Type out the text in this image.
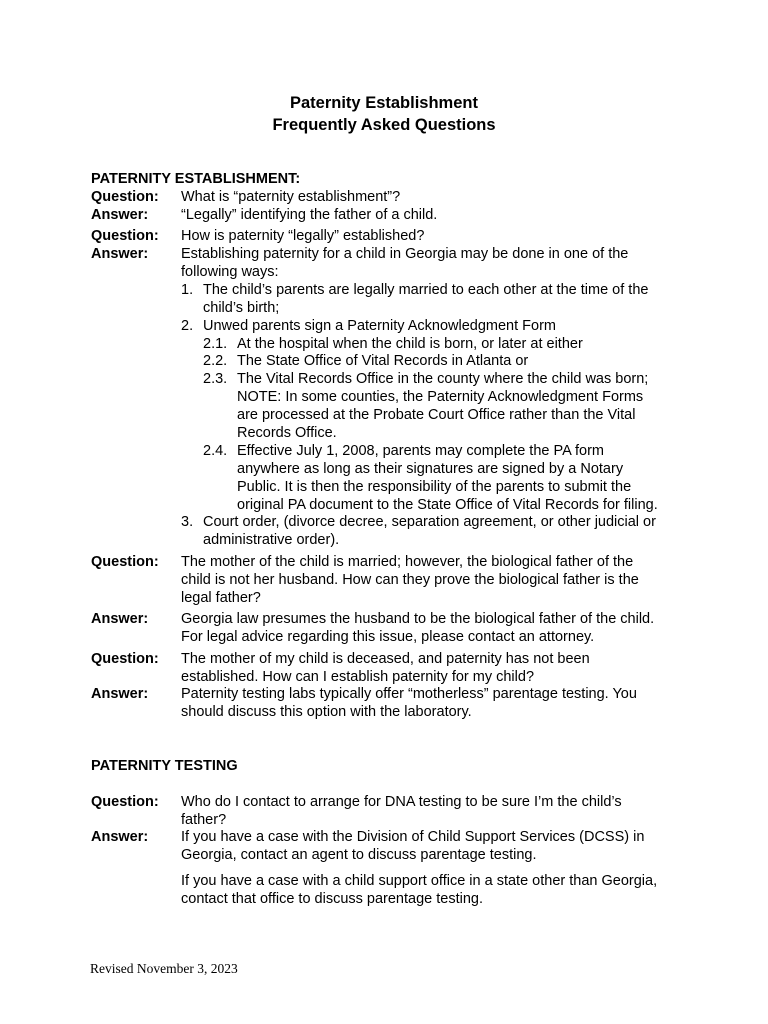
Paternity Establishment
Frequently Asked Questions
PATERNITY ESTABLISHMENT:
Question:	What is “paternity establishment”?
Answer:	“Legally” identifying the father of a child.
Question:	How is paternity “legally” established?
Answer:	Establishing paternity for a child in Georgia may be done in one of the
following ways:
1. The child’s parents are legally married to each other at the time of the
child’s birth;
2. Unwed parents sign a Paternity Acknowledgment Form
2.1. At the hospital when the child is born, or later at either
2.2. The State Office of Vital Records in Atlanta or
2.3. The Vital Records Office in the county where the child was born;
NOTE: In some counties, the Paternity Acknowledgment Forms
are processed at the Probate Court Office rather than the Vital
Records Office.
2.4. Effective July 1, 2008, parents may complete the PA form
anywhere as long as their signatures are signed by a Notary
Public. It is then the responsibility of the parents to submit the
original PA document to the State Office of Vital Records for filing.
3. Court order, (divorce decree, separation agreement, or other judicial or
administrative order).
Question:	The mother of the child is married; however, the biological father of the
child is not her husband. How can they prove the biological father is the
legal father?
Answer:	Georgia law presumes the husband to be the biological father of the child.
For legal advice regarding this issue, please contact an attorney.
Question:	The mother of my child is deceased, and paternity has not been
established. How can I establish paternity for my child?
Answer:	Paternity testing labs typically offer “motherless” parentage testing. You
should discuss this option with the laboratory.
PATERNITY TESTING
Question:	Who do I contact to arrange for DNA testing to be sure I’m the child’s
father?
Answer:	If you have a case with the Division of Child Support Services (DCSS) in
Georgia, contact an agent to discuss parentage testing.
If you have a case with a child support office in a state other than Georgia,
contact that office to discuss parentage testing.
Revised November 3, 2023
